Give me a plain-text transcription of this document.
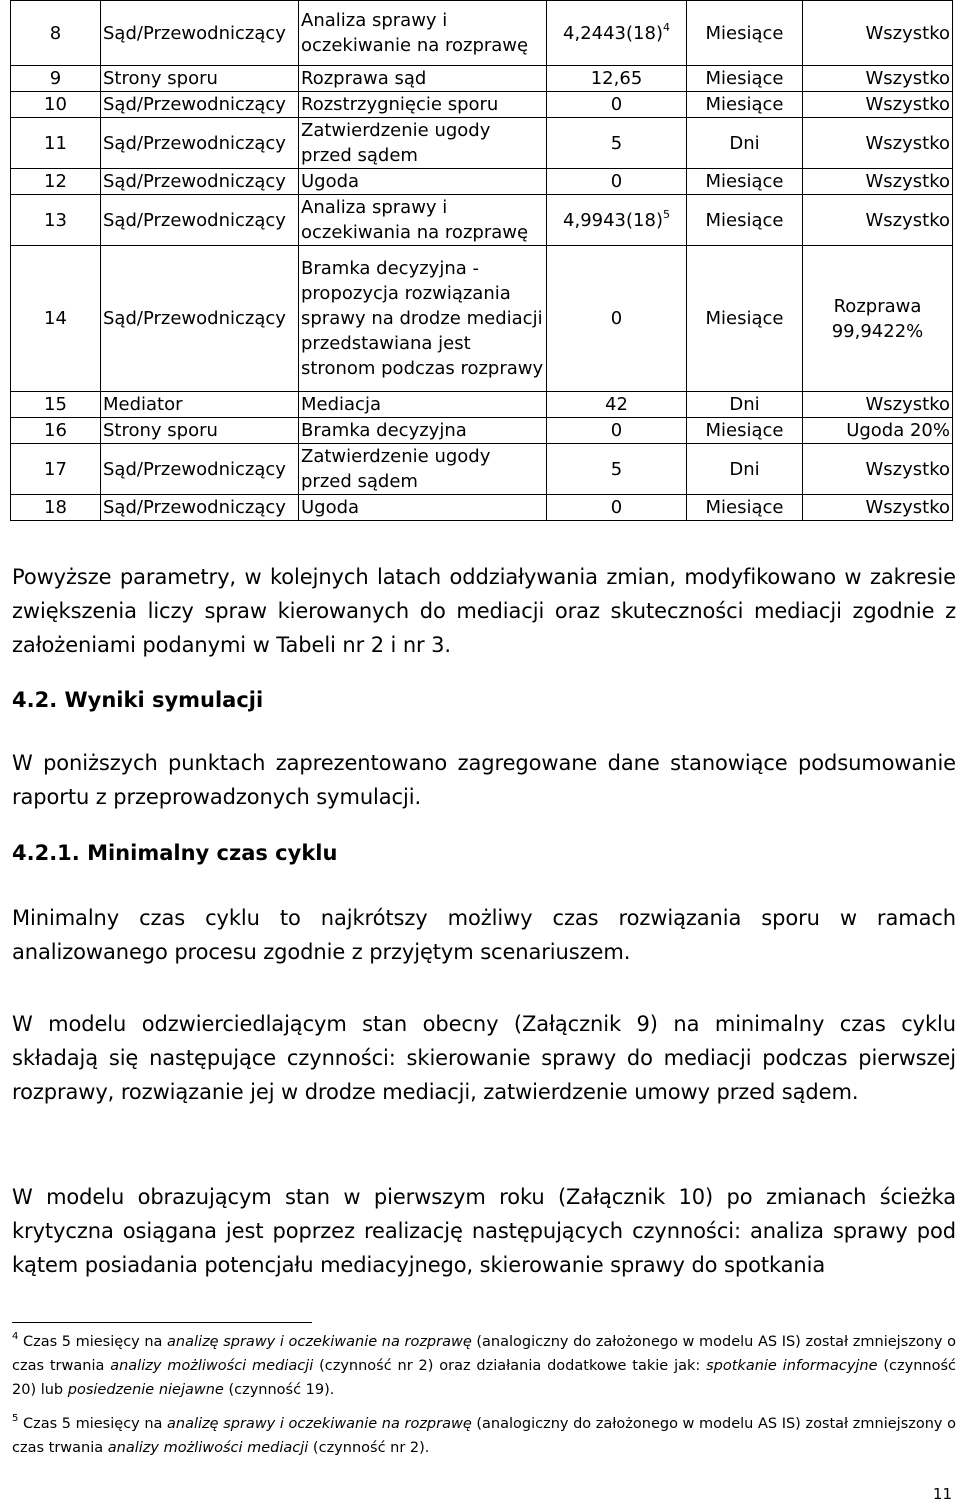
8	Sąd/Przewodniczący	Analiza sprawy i oczekiwanie na rozprawę	$4,2443(18)^4$	Miesiące	Wszystko
9	Strony sporu	Rozprawa sąd	12,65	Miesiące	Wszystko
10	Sąd/Przewodniczący	Rozstrzygnięcie sporu	0	Miesiące	Wszystko
11	Sąd/Przewodniczący	Zatwierdzenie ugody przed sądem	5	Dni	Wszystko
12	Sąd/Przewodniczący	Ugoda	0	Miesiące	Wszystko
13	Sąd/Przewodniczący	Analiza sprawy i oczekiwania na rozprawę	$4,9943(18)^5$	Miesiące	Wszystko
14	Sąd/Przewodniczący	Bramka decyzyjna - propozycja rozwiązania sprawy na drodze mediacji przedstawiana jest stronom podczas rozprawy	0	Miesiące	Rozprawa 99,9422%
15	Mediator	Mediacja	42	Dni	Wszystko
16	Strony sporu	Bramka decyzyjna	0	Miesiące	Ugoda 20%
17	Sąd/Przewodniczący	Zatwierdzenie ugody przed sądem	5	Dni	Wszystko
18	Sąd/Przewodniczący	Ugoda	0	Miesiące	Wszystko

Powyższe parametry, w kolejnych latach oddziaływania zmian, modyfikowano w zakresie zwiększenia liczy spraw kierowanych do mediacji oraz skuteczności mediacji zgodnie z założeniami podanymi w Tabeli nr 2 i nr 3.

4.2. Wyniki symulacji

W poniższych punktach zaprezentowano zagregowane dane stanowiące podsumowanie raportu z przeprowadzonych symulacji.

4.2.1. Minimalny czas cyklu

Minimalny czas cyklu to najkrótszy możliwy czas rozwiązania sporu w ramach analizowanego procesu zgodnie z przyjętym scenariuszem.

W modelu odzwierciedlającym stan obecny (Załącznik 9) na minimalny czas cyklu składają się następujące czynności: skierowanie sprawy do mediacji podczas pierwszej rozprawy, rozwiązanie jej w drodze mediacji, zatwierdzenie umowy przed sądem.

W modelu obrazującym stan w pierwszym roku (Załącznik 10) po zmianach ścieżka krytyczna osiągana jest poprzez realizację następujących czynności: analiza sprawy pod kątem posiadania potencjału mediacyjnego, skierowanie sprawy do spotkania

$^4$ Czas 5 miesięcy na analizę sprawy i oczekiwanie na rozprawę (analogiczny do założonego w modelu AS IS) został zmniejszony o czas trwania analizy możliwości mediacji (czynność nr 2) oraz działania dodatkowe takie jak: spotkanie informacyjne (czynność 20) lub posiedzenie niejawne (czynność 19).

$^5$ Czas 5 miesięcy na analizę sprawy i oczekiwanie na rozprawę (analogiczny do założonego w modelu AS IS) został zmniejszony o czas trwania analizy możliwości mediacji (czynność nr 2).

11
